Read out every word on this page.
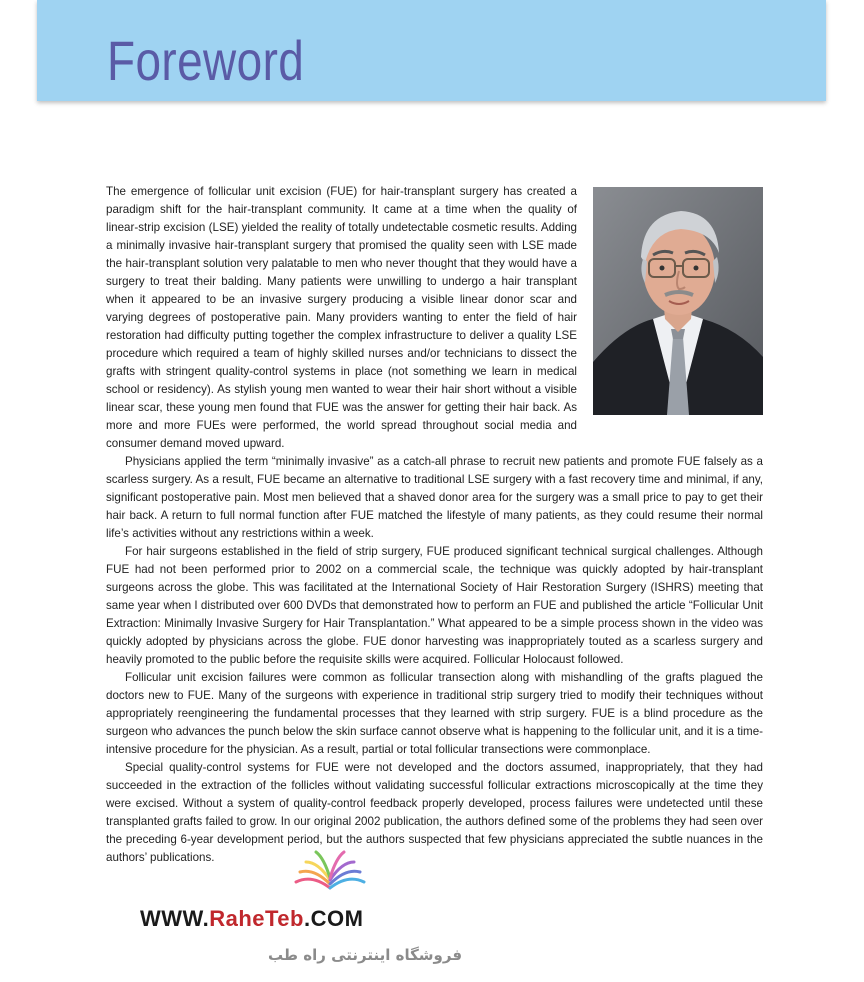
Foreword

The emergence of follicular unit excision (FUE) for hair-transplant surgery has created a paradigm shift for the hair-transplant community. It came at a time when the quality of linear-strip excision (LSE) yielded the reality of totally undetectable cosmetic results. Adding a minimally invasive hair-transplant surgery that promised the quality seen with LSE made the hair-transplant solution very palatable to men who never thought that they would have a surgery to treat their balding. Many patients were unwilling to undergo a hair transplant when it appeared to be an invasive surgery producing a visible linear donor scar and varying degrees of postoperative pain. Many providers wanting to enter the field of hair restoration had difficulty putting together the complex infrastructure to deliver a quality LSE procedure which required a team of highly skilled nurses and/or technicians to dissect the grafts with stringent quality-control systems in place (not something we learn in medical school or residency). As stylish young men wanted to wear their hair short without a visible linear scar, these young men found that FUE was the answer for getting their hair back. As more and more FUEs were performed, the world spread throughout social media and consumer demand moved upward.

Physicians applied the term “minimally invasive” as a catch-all phrase to recruit new patients and promote FUE falsely as a scarless surgery. As a result, FUE became an alternative to traditional LSE surgery with a fast recovery time and minimal, if any, significant postoperative pain. Most men believed that a shaved donor area for the surgery was a small price to pay to get their hair back. A return to full normal function after FUE matched the lifestyle of many patients, as they could resume their normal life’s activities without any restrictions within a week.

For hair surgeons established in the field of strip surgery, FUE produced significant technical surgical challenges. Although FUE had not been performed prior to 2002 on a commercial scale, the technique was quickly adopted by hair-transplant surgeons across the globe. This was facilitated at the International Society of Hair Restoration Surgery (ISHRS) meeting that same year when I distributed over 600 DVDs that demonstrated how to perform an FUE and published the article “Follicular Unit Extraction: Minimally Invasive Surgery for Hair Transplantation.” What appeared to be a simple process shown in the video was quickly adopted by physicians across the globe. FUE donor harvesting was inappropriately touted as a scarless surgery and heavily promoted to the public before the requisite skills were acquired. Follicular Holocaust followed.

Follicular unit excision failures were common as follicular transection along with mishandling of the grafts plagued the doctors new to FUE. Many of the surgeons with experience in traditional strip surgery tried to modify their techniques without appropriately reengineering the fundamental processes that they learned with strip surgery. FUE is a blind procedure as the surgeon who advances the punch below the skin surface cannot observe what is happening to the follicular unit, and it is a time-intensive procedure for the physician. As a result, partial or total follicular transections were commonplace.

Special quality-control systems for FUE were not developed and the doctors assumed, inappropriately, that they had succeeded in the extraction of the follicles without validating successful follicular extractions microscopically at the time they were excised. Without a system of quality-control feedback properly developed, process failures were undetected until these transplanted grafts failed to grow. In our original 2002 publication, the authors defined some of the problems they had seen over the preceding 6-year development period, but the authors suspected that few physicians appreciated the subtle nuances in the authors’ publications.

WWW.RaheTeb.COM
فروشگاه اینترنتی راه طب
